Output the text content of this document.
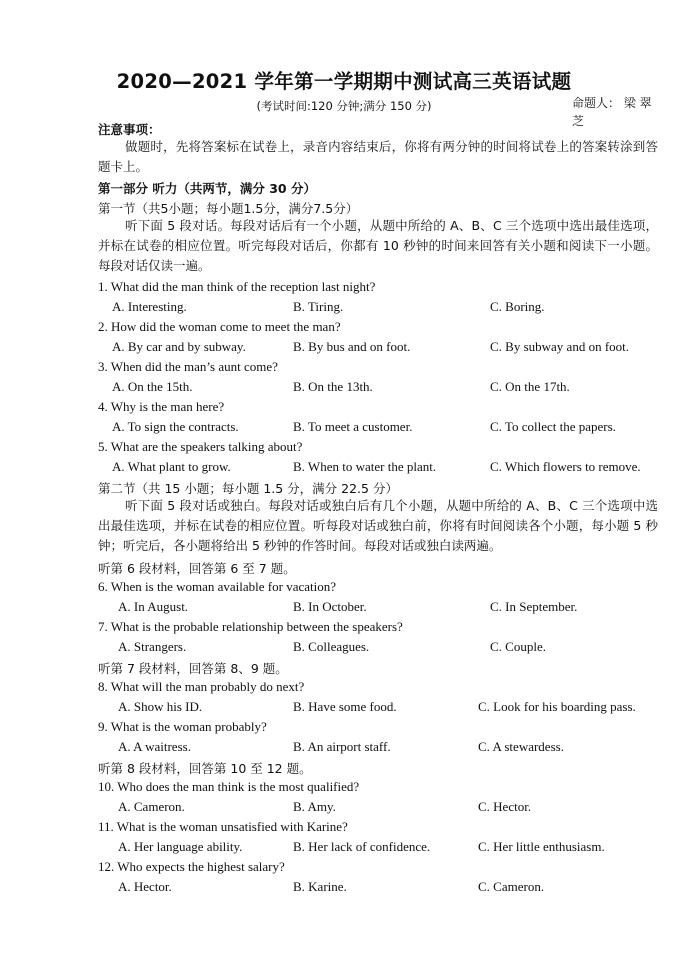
2020—2021 学年第一学期期中测试高三英语试题
(考试时间:120 分钟;满分 150 分)	命题人： 梁 翠
芝
注意事项：
做题时，先将答案标在试卷上，录音内容结束后，你将有两分钟的时间将试卷上的答案转涂到答题卡上。
第一部分 听力（共两节，满分 30 分）
第一节（共5小题；每小题1.5分，满分7.5分）
听下面 5 段对话。每段对话后有一个小题，从题中所给的 A、B、C 三个选项中选出最佳选项，并标在试卷的相应位置。听完每段对话后，你都有 10 秒钟的时间来回答有关小题和阅读下一小题。每段对话仅读一遍。
1. What did the man think of the reception last night?
A. Interesting.	B. Tiring.	C. Boring.
2. How did the woman come to meet the man?
A. By car and by subway.	B. By bus and on foot.	C. By subway and on foot.
3. When did the man’s aunt come?
A. On the 15th.	B. On the 13th.	C. On the 17th.
4. Why is the man here?
A. To sign the contracts.	B. To meet a customer.	C. To collect the papers.
5. What are the speakers talking about?
A. What plant to grow.	B. When to water the plant.	C. Which flowers to remove.
第二节（共 15 小题；每小题 1.5 分，满分 22.5 分）
听下面 5 段对话或独白。每段对话或独白后有几个小题，从题中所给的 A、B、C 三个选项中选出最佳选项，并标在试卷的相应位置。听每段对话或独白前，你将有时间阅读各个小题，每小题 5 秒钟；听完后，各小题将给出 5 秒钟的作答时间。每段对话或独白读两遍。
听第 6 段材料，回答第 6 至 7 题。
6. When is the woman available for vacation?
A. In August.	B. In October.	C. In September.
7. What is the probable relationship between the speakers?
A. Strangers.	B. Colleagues.	C. Couple.
听第 7 段材料，回答第 8、9 题。
8. What will the man probably do next?
A. Show his ID.	B. Have some food.	C. Look for his boarding pass.
9. What is the woman probably?
A. A waitress.	B. An airport staff.	C. A stewardess.
听第 8 段材料，回答第 10 至 12 题。
10. Who does the man think is the most qualified?
A. Cameron.	B. Amy.	C. Hector.
11. What is the woman unsatisfied with Karine?
A. Her language ability.	B. Her lack of confidence.	C. Her little enthusiasm.
12. Who expects the highest salary?
A. Hector.	B. Karine.	C. Cameron.
